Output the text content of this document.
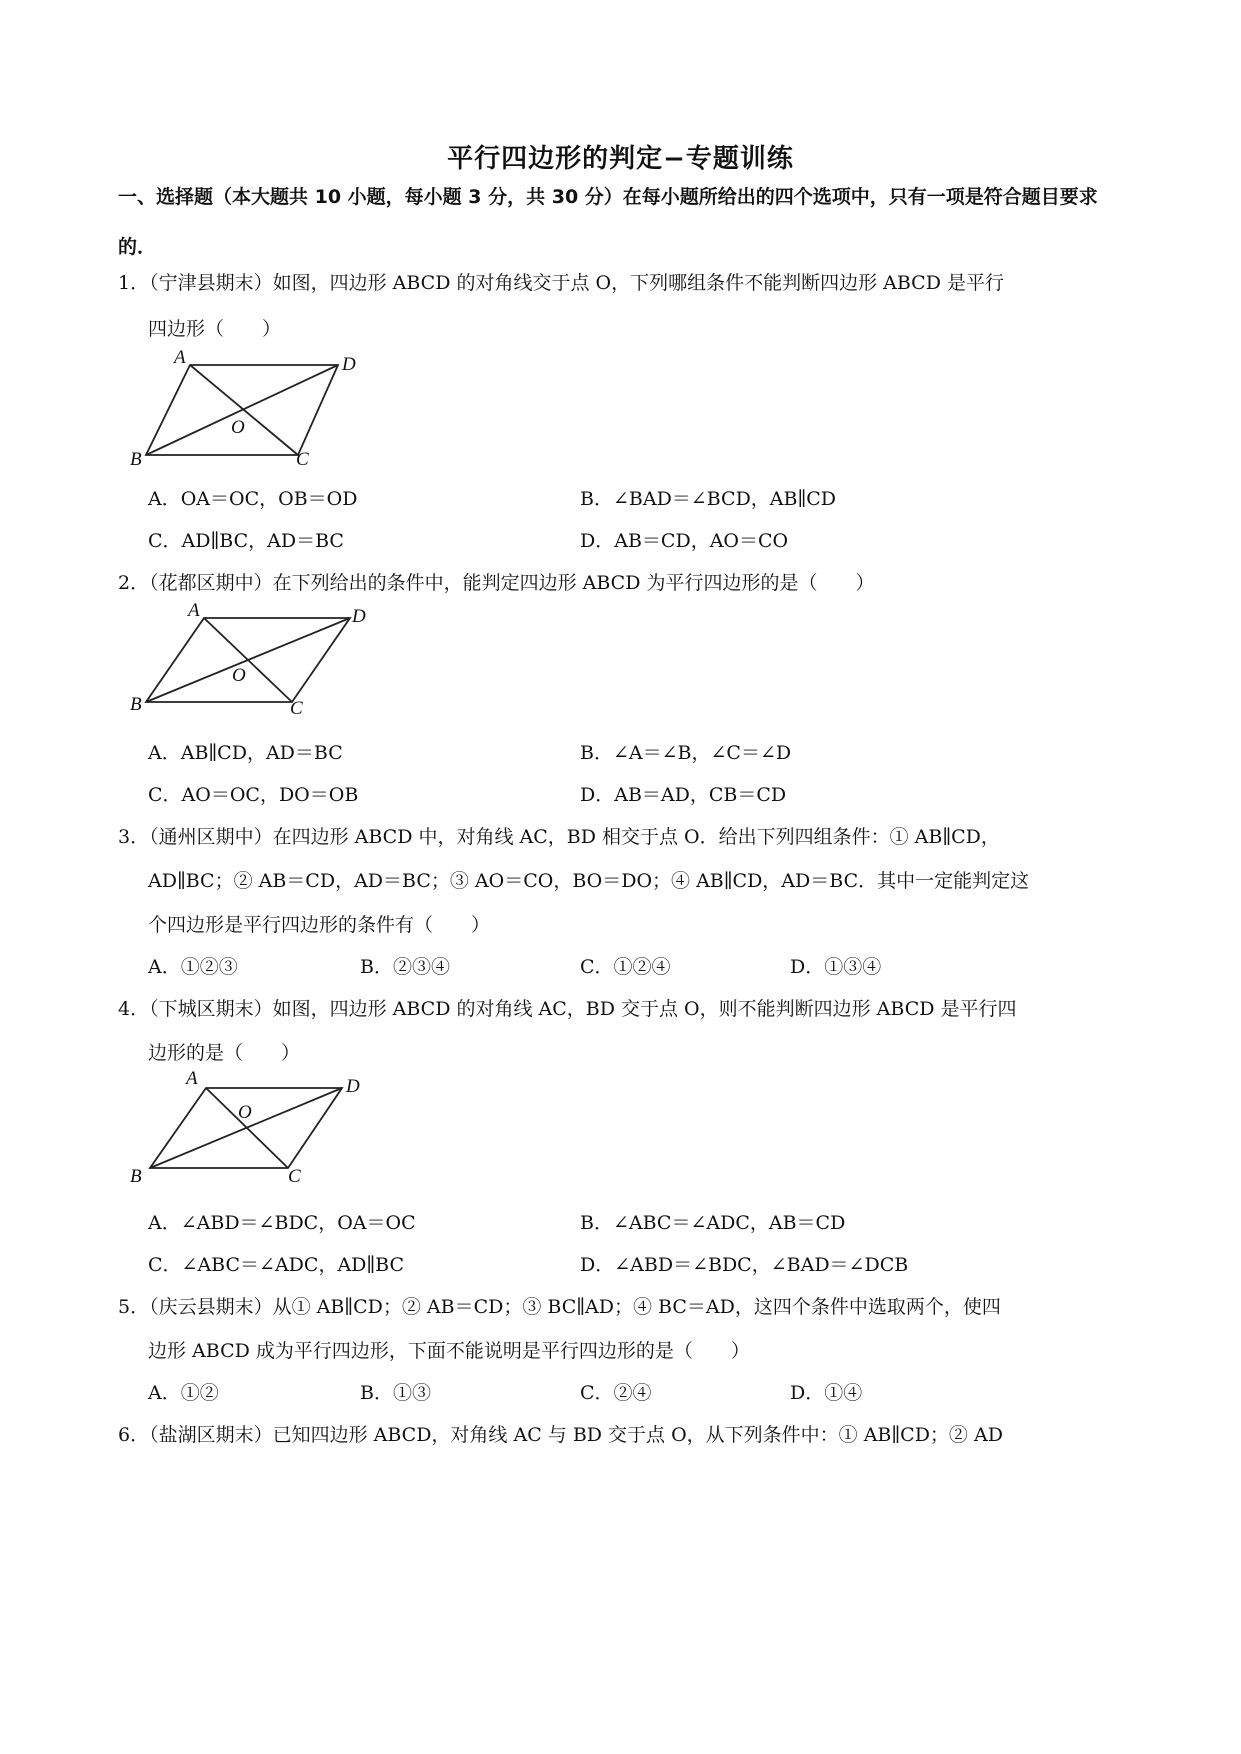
平行四边形的判定−专题训练
一、选择题（本大题共 10 小题，每小题 3 分，共 30 分）在每小题所给出的四个选项中，只有一项是符合题目要求的．
1．（宁津县期末）如图，四边形 ABCD 的对角线交于点 O，下列哪组条件不能判断四边形 ABCD 是平行
四边形（　　）
A	D
O
B	C
A．OA＝OC，OB＝OD	B．∠BAD＝∠BCD，AB∥CD
C．AD∥BC，AD＝BC	D．AB＝CD，AO＝CO
2．（花都区期中）在下列给出的条件中，能判定四边形 ABCD 为平行四边形的是（　　）
A	D
O
B	C
A．AB∥CD，AD＝BC	B．∠A＝∠B，∠C＝∠D
C．AO＝OC，DO＝OB	D．AB＝AD，CB＝CD
3．（通州区期中）在四边形 ABCD 中，对角线 AC，BD 相交于点 O．给出下列四组条件：① AB∥CD，
AD∥BC；② AB＝CD，AD＝BC；③ AO＝CO，BO＝DO；④ AB∥CD，AD＝BC．其中一定能判定这
个四边形是平行四边形的条件有（　　）
A．①②③	B．②③④	C．①②④	D．①③④
4．（下城区期末）如图，四边形 ABCD 的对角线 AC，BD 交于点 O，则不能判断四边形 ABCD 是平行四
边形的是（　　）
A	D
O
B	C
A．∠ABD＝∠BDC，OA＝OC	B．∠ABC＝∠ADC，AB＝CD
C．∠ABC＝∠ADC，AD∥BC	D．∠ABD＝∠BDC，∠BAD＝∠DCB
5．（庆云县期末）从① AB∥CD；② AB＝CD；③ BC∥AD；④ BC＝AD，这四个条件中选取两个，使四
边形 ABCD 成为平行四边形，下面不能说明是平行四边形的是（　　）
A．①②	B．①③	C．②④	D．①④
6．（盐湖区期末）已知四边形 ABCD，对角线 AC 与 BD 交于点 O，从下列条件中：① AB∥CD；② AD
